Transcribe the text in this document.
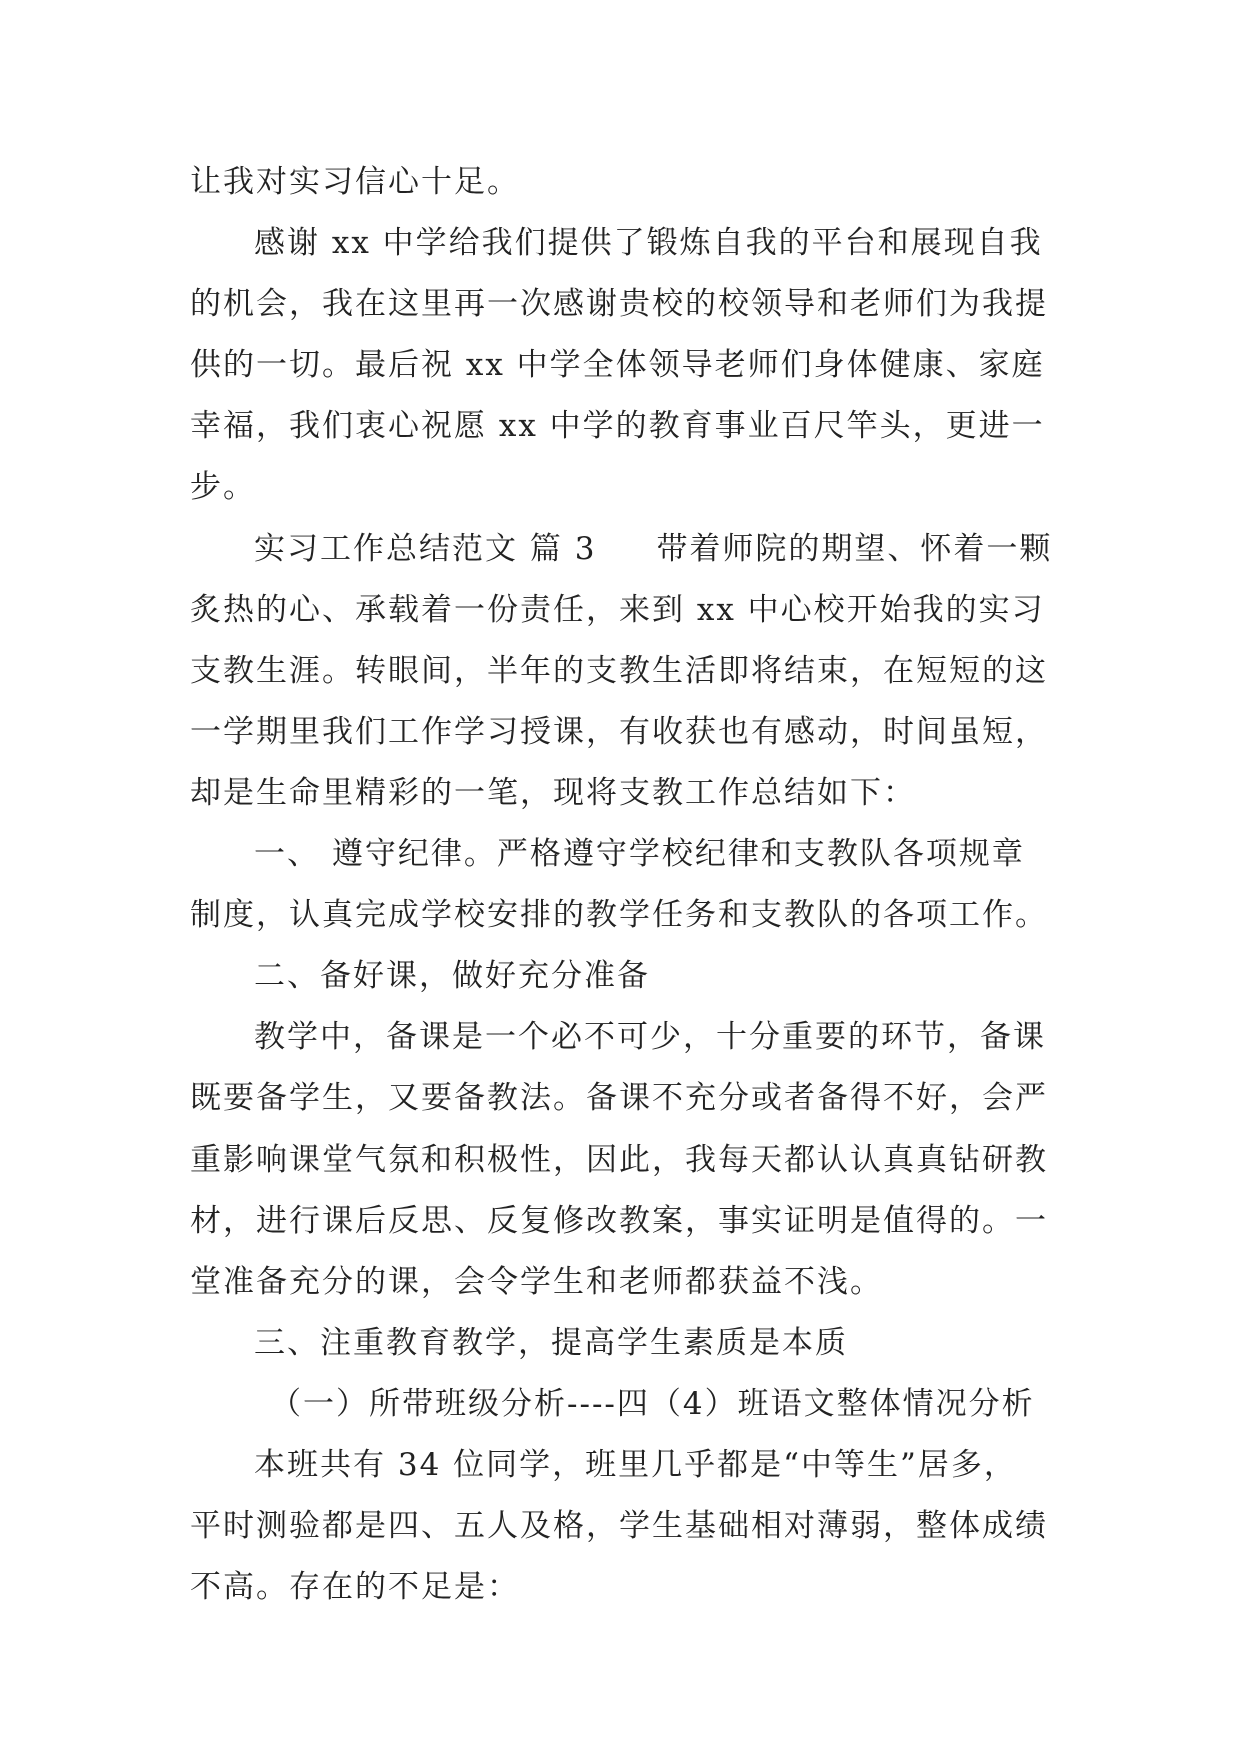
让我对实习信心十足。
感谢 xx 中学给我们提供了锻炼自我的平台和展现自我
的机会，我在这里再一次感谢贵校的校领导和老师们为我提
供的一切。最后祝 xx 中学全体领导老师们身体健康、家庭
幸福，我们衷心祝愿 xx 中学的教育事业百尺竿头，更进一
步。
实习工作总结范文 篇 3 带着师院的期望、怀着一颗
炙热的心、承载着一份责任，来到 xx 中心校开始我的实习
支教生涯。转眼间，半年的支教生活即将结束，在短短的这
一学期里我们工作学习授课，有收获也有感动，时间虽短，
却是生命里精彩的一笔，现将支教工作总结如下：
一、 遵守纪律。严格遵守学校纪律和支教队各项规章
制度，认真完成学校安排的教学任务和支教队的各项工作。
二、备好课，做好充分准备
教学中，备课是一个必不可少，十分重要的环节，备课
既要备学生，又要备教法。备课不充分或者备得不好，会严
重影响课堂气氛和积极性，因此，我每天都认认真真钻研教
材，进行课后反思、反复修改教案，事实证明是值得的。一
堂准备充分的课，会令学生和老师都获益不浅。
三、注重教育教学，提高学生素质是本质
（一）所带班级分析----四（4）班语文整体情况分析
本班共有 34 位同学，班里几乎都是“中等生”居多，
平时测验都是四、五人及格，学生基础相对薄弱，整体成绩
不高。存在的不足是：
